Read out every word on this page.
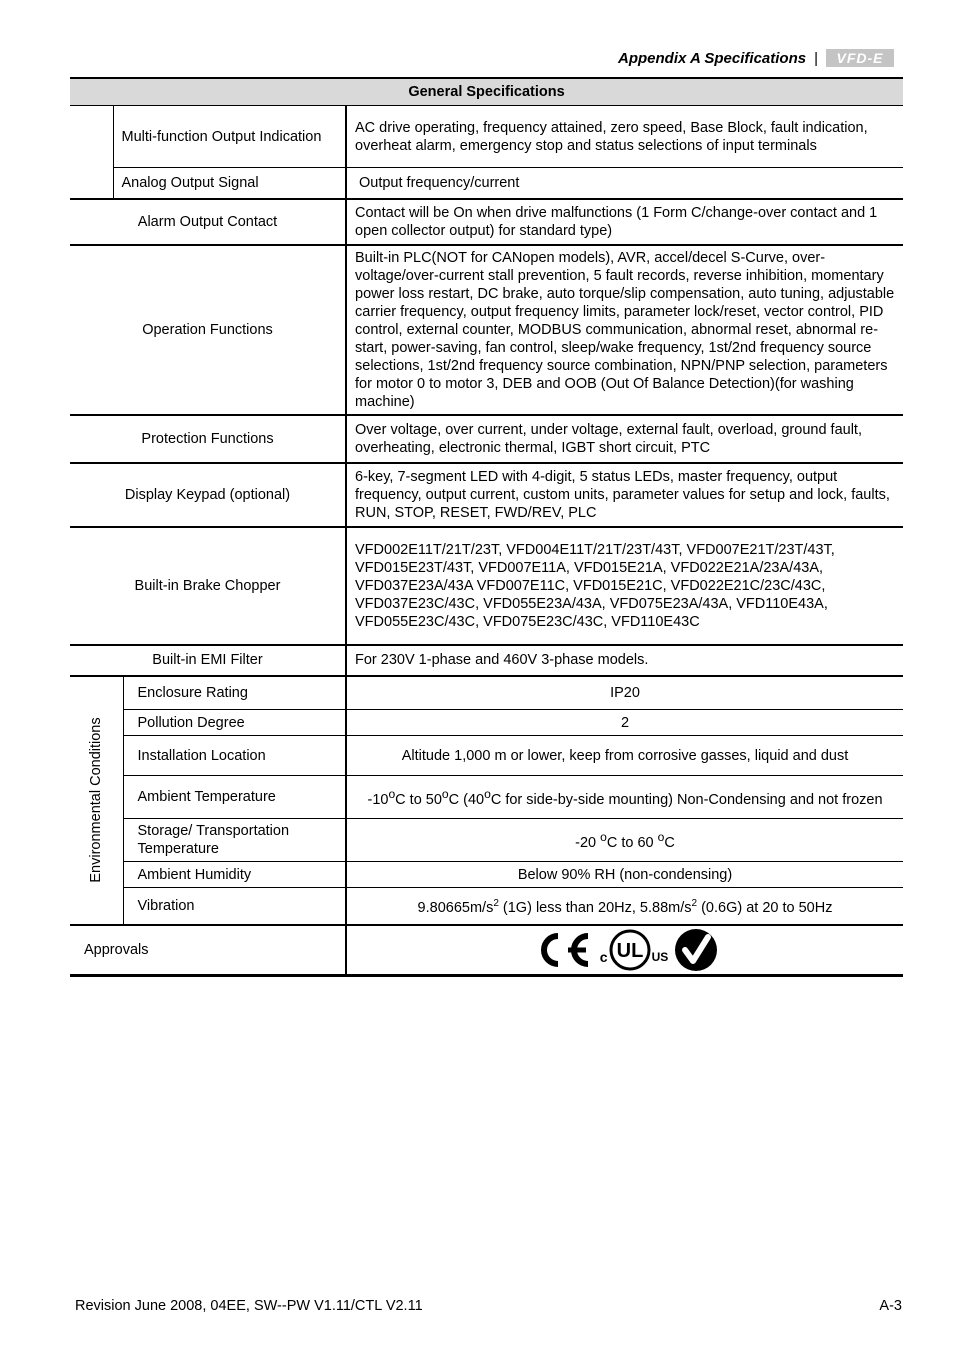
Appendix A Specifications |	VFD-E
General Specifications			
	Multi-function Output Indication		AC drive operating, frequency attained, zero speed, Base Block, fault indication, overheat alarm, emergency stop and status selections of input terminals
	Analog Output Signal		Output frequency/current
Alarm Output Contact			Contact will be On when drive malfunctions (1 Form C/change-over contact and 1 open collector output) for standard type)
Operation Functions			Built-in PLC(NOT for CANopen models), AVR, accel/decel S-Curve, over-voltage/over-current stall prevention, 5 fault records, reverse inhibition, momentary power loss restart, DC brake, auto torque/slip compensation, auto tuning, adjustable carrier frequency, output frequency limits, parameter lock/reset, vector control, PID control, external counter, MODBUS communication, abnormal reset, abnormal re-start, power-saving, fan control, sleep/wake frequency, 1st/2nd frequency source selections, 1st/2nd frequency source combination, NPN/PNP selection, parameters for motor 0 to motor 3, DEB and OOB (Out Of Balance Detection)(for washing machine)
Protection Functions			Over voltage, over current, under voltage, external fault, overload, ground fault, overheating, electronic thermal, IGBT short circuit, PTC
Display Keypad (optional)			6-key, 7-segment LED with 4-digit, 5 status LEDs, master frequency, output frequency, output current, custom units, parameter values for setup and lock, faults, RUN, STOP, RESET, FWD/REV, PLC
Built-in Brake Chopper			VFD002E11T/21T/23T, VFD004E11T/21T/23T/43T, VFD007E21T/23T/43T, VFD015E23T/43T, VFD007E11A, VFD015E21A, VFD022E21A/23A/43A, VFD037E23A/43A VFD007E11C, VFD015E21C, VFD022E21C/23C/43C, VFD037E23C/43C, VFD055E23A/43A, VFD075E23A/43A, VFD110E43A, VFD055E23C/43C, VFD075E23C/43C, VFD110E43C
Built-in EMI Filter			For 230V 1-phase and 460V 3-phase models.

Environmental Conditions		Enclosure Rating	IP20
		Pollution Degree	2
		Installation Location	Altitude 1,000 m or lower, keep from corrosive gasses, liquid and dust
		Ambient Temperature	-10$^o$C to 50$^o$C (40$^o$C for side-by-side mounting) Non-Condensing and not frozen
		Storage/ Transportation Temperature	-20 $^o$C to 60 $^o$C
		Ambient Humidity	Below 90% RH (non-condensing)
		Vibration	$9.80665m/s^2$ (1G) less than 20Hz, $5.88m/s^2$ (0.6G) at 20 to 50Hz
Approvals			c UL US
Revision June 2008, 04EE, SW--PW V1.11/CTL V2.11	A-3
